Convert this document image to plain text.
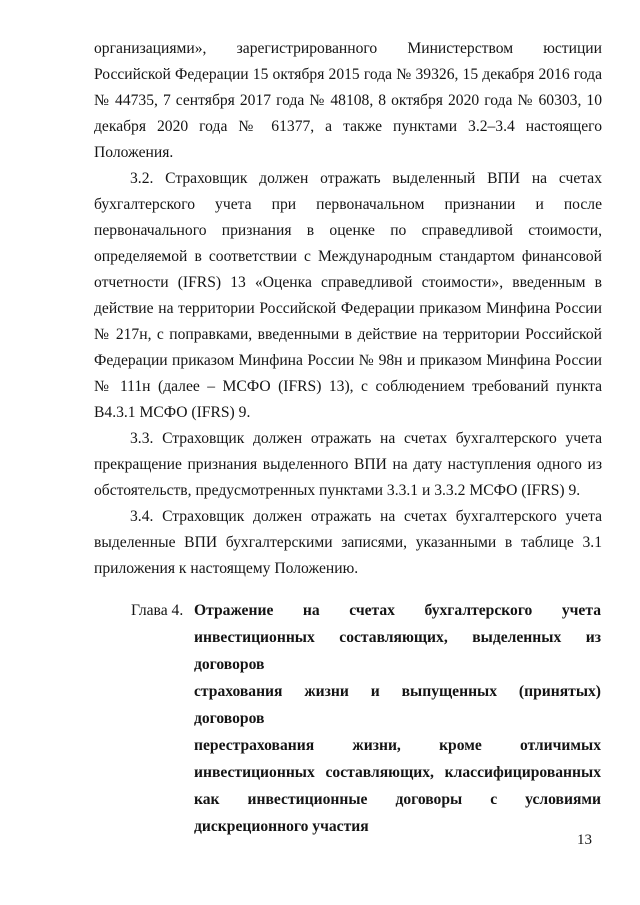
организациями», зарегистрированного Министерством юстиции Российской Федерации 15 октября 2015 года № 39326, 15 декабря 2016 года № 44735, 7 сентября 2017 года № 48108, 8 октября 2020 года № 60303, 10 декабря 2020 года № 61377, а также пунктами 3.2–3.4 настоящего Положения.

3.2. Страховщик должен отражать выделенный ВПИ на счетах бухгалтерского учета при первоначальном признании и после первоначального признания в оценке по справедливой стоимости, определяемой в соответствии с Международным стандартом финансовой отчетности (IFRS) 13 «Оценка справедливой стоимости», введенным в действие на территории Российской Федерации приказом Минфина России № 217н, с поправками, введенными в действие на территории Российской Федерации приказом Минфина России № 98н и приказом Минфина России № 111н (далее – МСФО (IFRS) 13), с соблюдением требований пункта B4.3.1 МСФО (IFRS) 9.

3.3. Страховщик должен отражать на счетах бухгалтерского учета прекращение признания выделенного ВПИ на дату наступления одного из обстоятельств, предусмотренных пунктами 3.3.1 и 3.3.2 МСФО (IFRS) 9.

3.4. Страховщик должен отражать на счетах бухгалтерского учета выделенные ВПИ бухгалтерскими записями, указанными в таблице 3.1 приложения к настоящему Положению.

Глава 4. Отражение на счетах бухгалтерского учета
инвестиционных составляющих, выделенных из договоров
страхования жизни и выпущенных (принятых) договоров
перестрахования жизни, кроме отличимых
инвестиционных составляющих, классифицированных
как инвестиционные договоры с условиями
дискреционного участия
13
